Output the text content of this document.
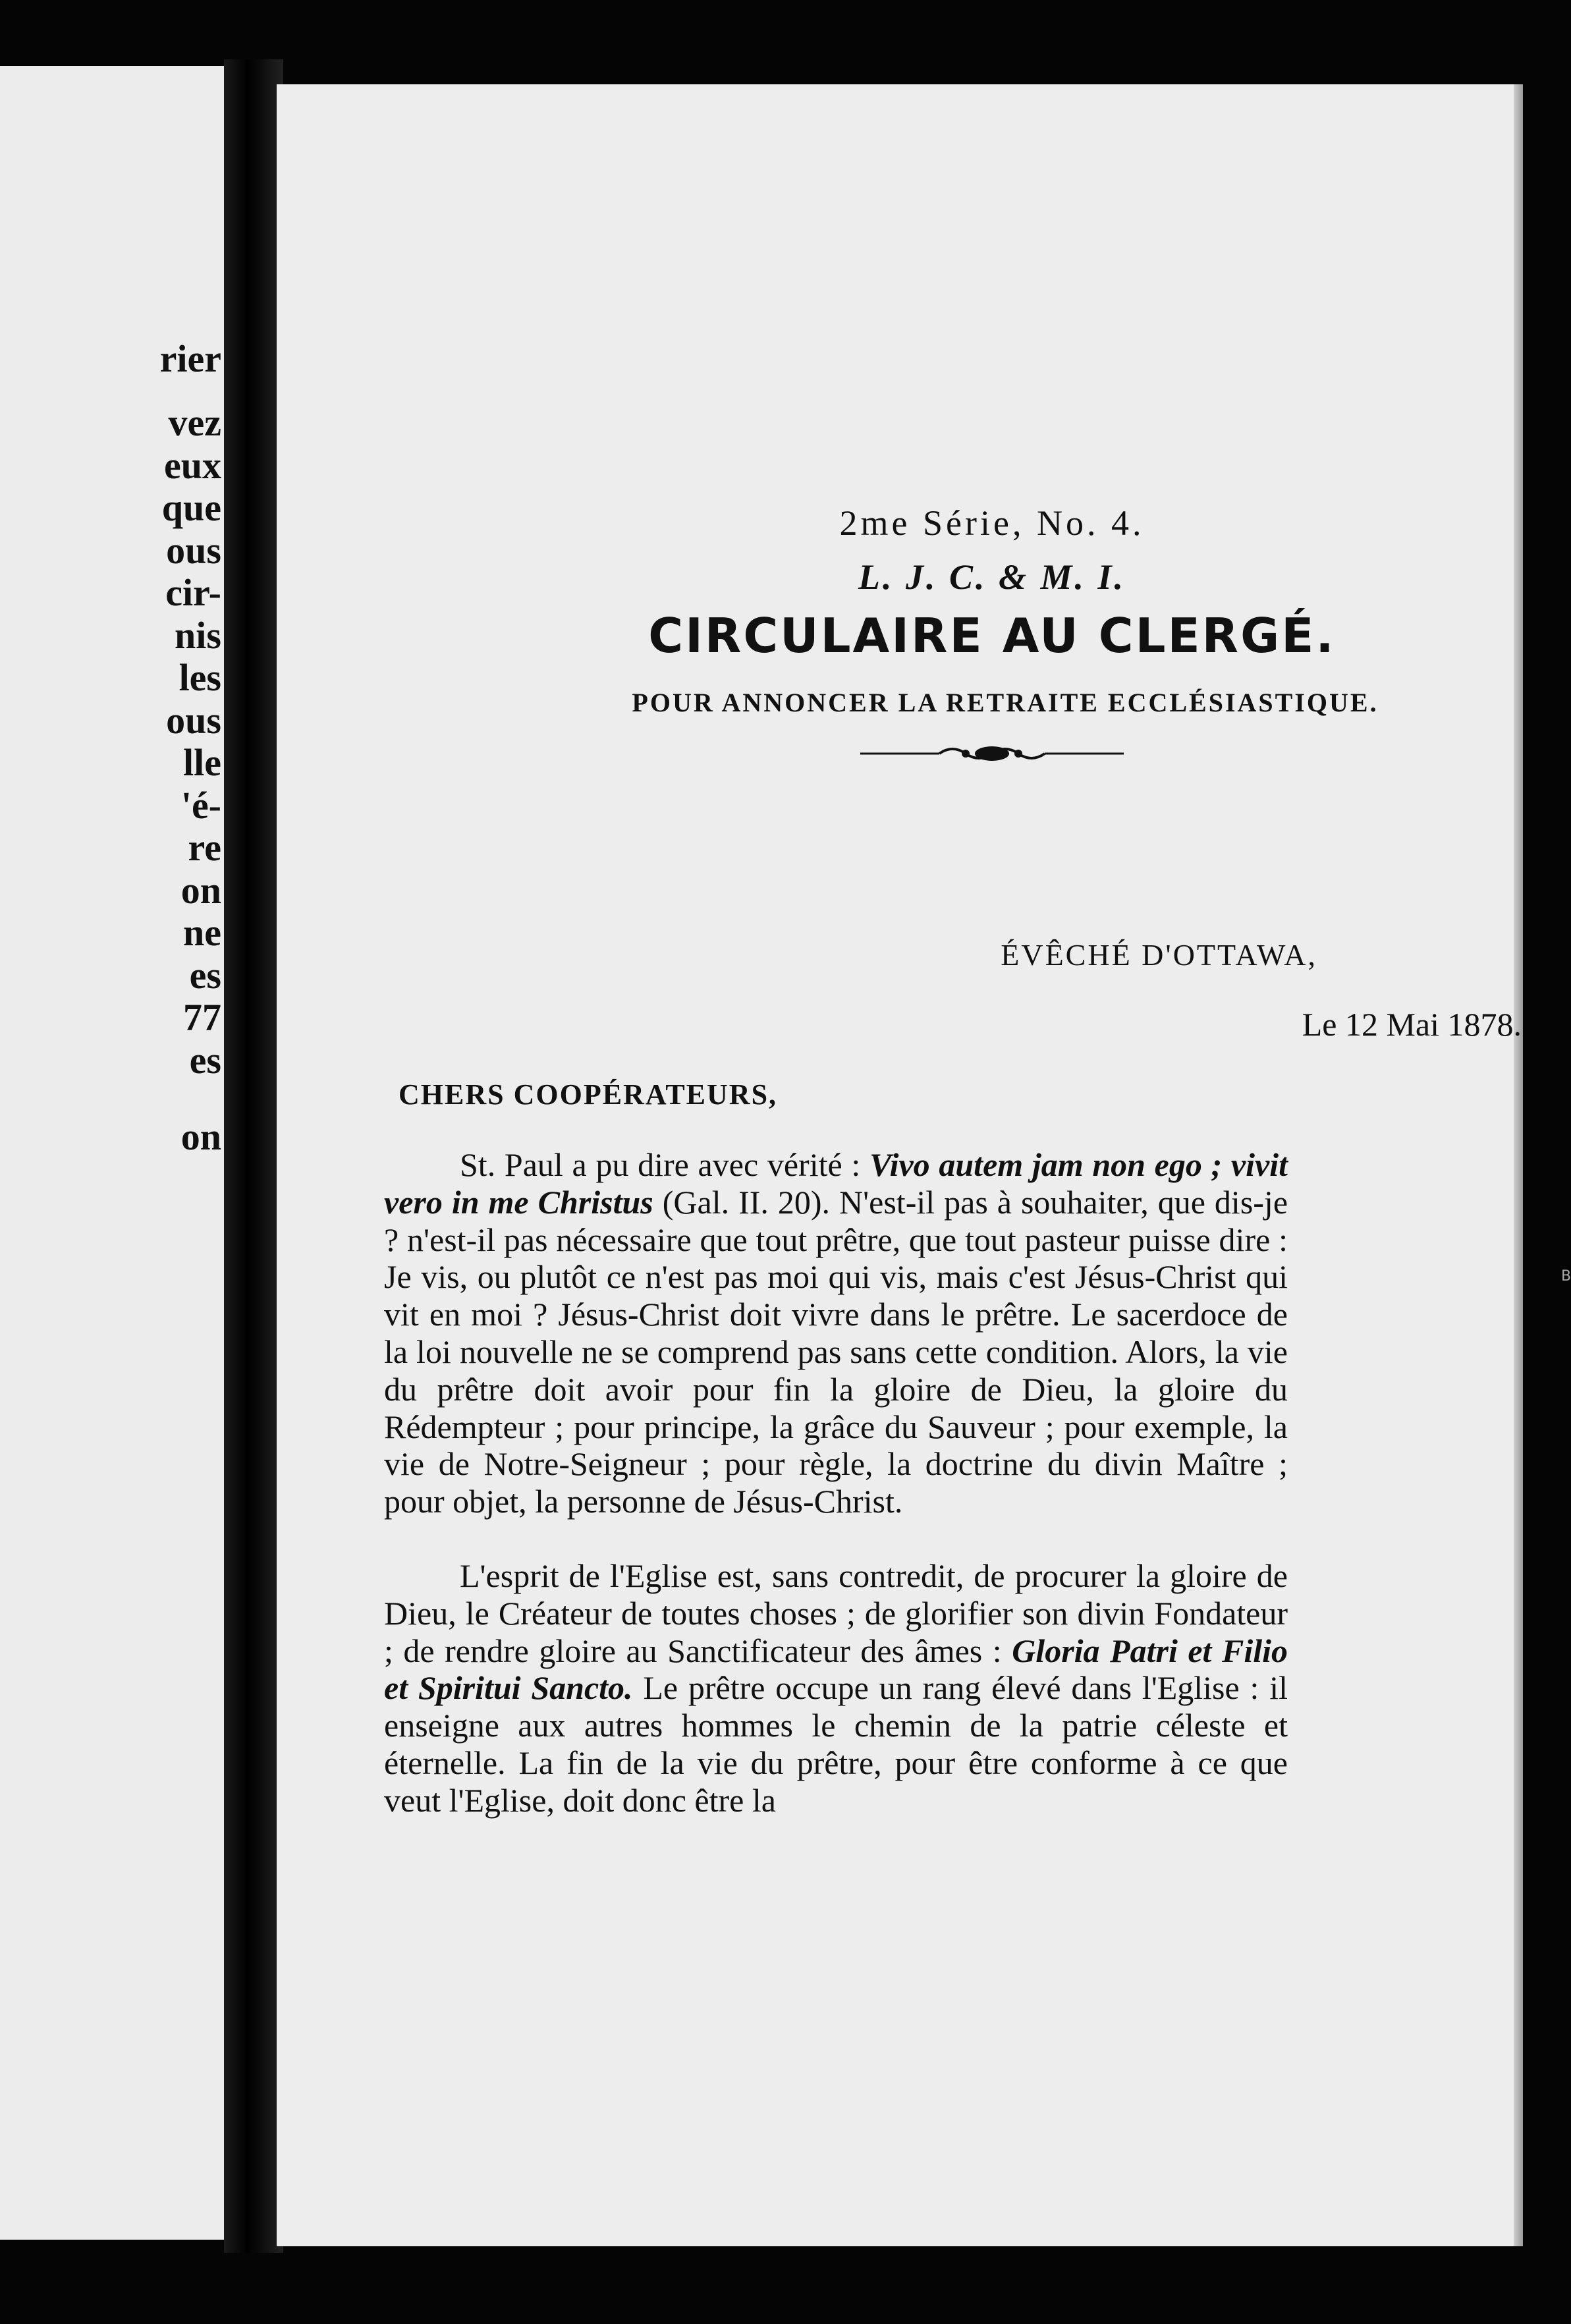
rier
vez
eux
que
ous
cir-
nis
les
ous
lle
'é-
re
on
ne
es
77
es
on

2me Série, No. 4.

L. J. C. & M. I.

CIRCULAIRE AU CLERGÉ.

POUR ANNONCER LA RETRAITE ECCLÉSIASTIQUE.

ÉVÊCHÉ D'OTTAWA,
Le 12 Mai 1878.
CHERS COOPÉRATEURS,

St. Paul a pu dire avec vérité : Vivo autem jam non ego ; vivit vero in me Christus (Gal. II. 20). N'est-il pas à souhaiter, que dis-je ? n'est-il pas nécessaire que tout prêtre, que tout pasteur puisse dire : Je vis, ou plutôt ce n'est pas moi qui vis, mais c'est Jésus-Christ qui vit en moi ? Jésus-Christ doit vivre dans le prêtre. Le sacerdoce de la loi nouvelle ne se comprend pas sans cette condition. Alors, la vie du prêtre doit avoir pour fin la gloire de Dieu, la gloire du Rédempteur ; pour principe, la grâce du Sauveur ; pour exemple, la vie de Notre-Seigneur ; pour règle, la doctrine du divin Maître ; pour objet, la personne de Jésus-Christ.

L'esprit de l'Eglise est, sans contredit, de procurer la gloire de Dieu, le Créateur de toutes choses ; de glorifier son divin Fondateur ; de rendre gloire au Sanctificateur des âmes : Gloria Patri et Filio et Spiritui Sancto. Le prêtre occupe un rang élevé dans l'Eglise : il enseigne aux autres hommes le chemin de la patrie céleste et éternelle. La fin de la vie du prêtre, pour être conforme à ce que veut l'Eglise, doit donc être la

B
